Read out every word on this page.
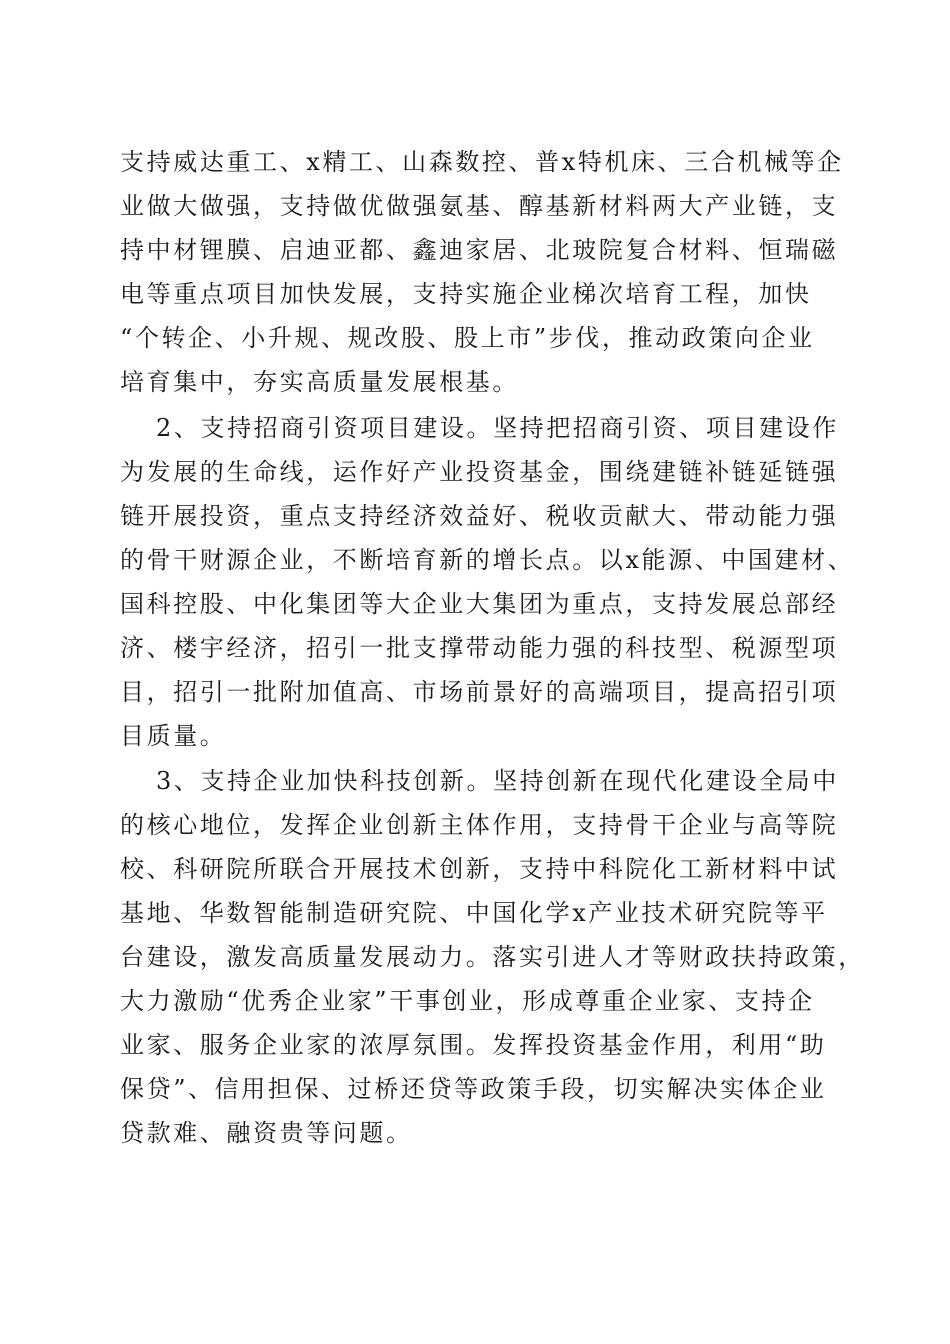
支持威达重工、x精工、山森数控、普x特机床、三合机械等企
业做大做强，支持做优做强氨基、醇基新材料两大产业链，支
持中材锂膜、启迪亚都、鑫迪家居、北玻院复合材料、恒瑞磁
电等重点项目加快发展，支持实施企业梯次培育工程，加快
“个转企、小升规、规改股、股上市”步伐，推动政策向企业
培育集中，夯实高质量发展根基。
2、支持招商引资项目建设。坚持把招商引资、项目建设作
为发展的生命线，运作好产业投资基金，围绕建链补链延链强
链开展投资，重点支持经济效益好、税收贡献大、带动能力强
的骨干财源企业，不断培育新的增长点。以x能源、中国建材、
国科控股、中化集团等大企业大集团为重点，支持发展总部经
济、楼宇经济，招引一批支撑带动能力强的科技型、税源型项
目，招引一批附加值高、市场前景好的高端项目，提高招引项
目质量。
3、支持企业加快科技创新。坚持创新在现代化建设全局中
的核心地位，发挥企业创新主体作用，支持骨干企业与高等院
校、科研院所联合开展技术创新，支持中科院化工新材料中试
基地、华数智能制造研究院、中国化学x产业技术研究院等平
台建设，激发高质量发展动力。落实引进人才等财政扶持政策，
大力激励“优秀企业家”干事创业，形成尊重企业家、支持企
业家、服务企业家的浓厚氛围。发挥投资基金作用，利用“助
保贷”、信用担保、过桥还贷等政策手段，切实解决实体企业
贷款难、融资贵等问题。
